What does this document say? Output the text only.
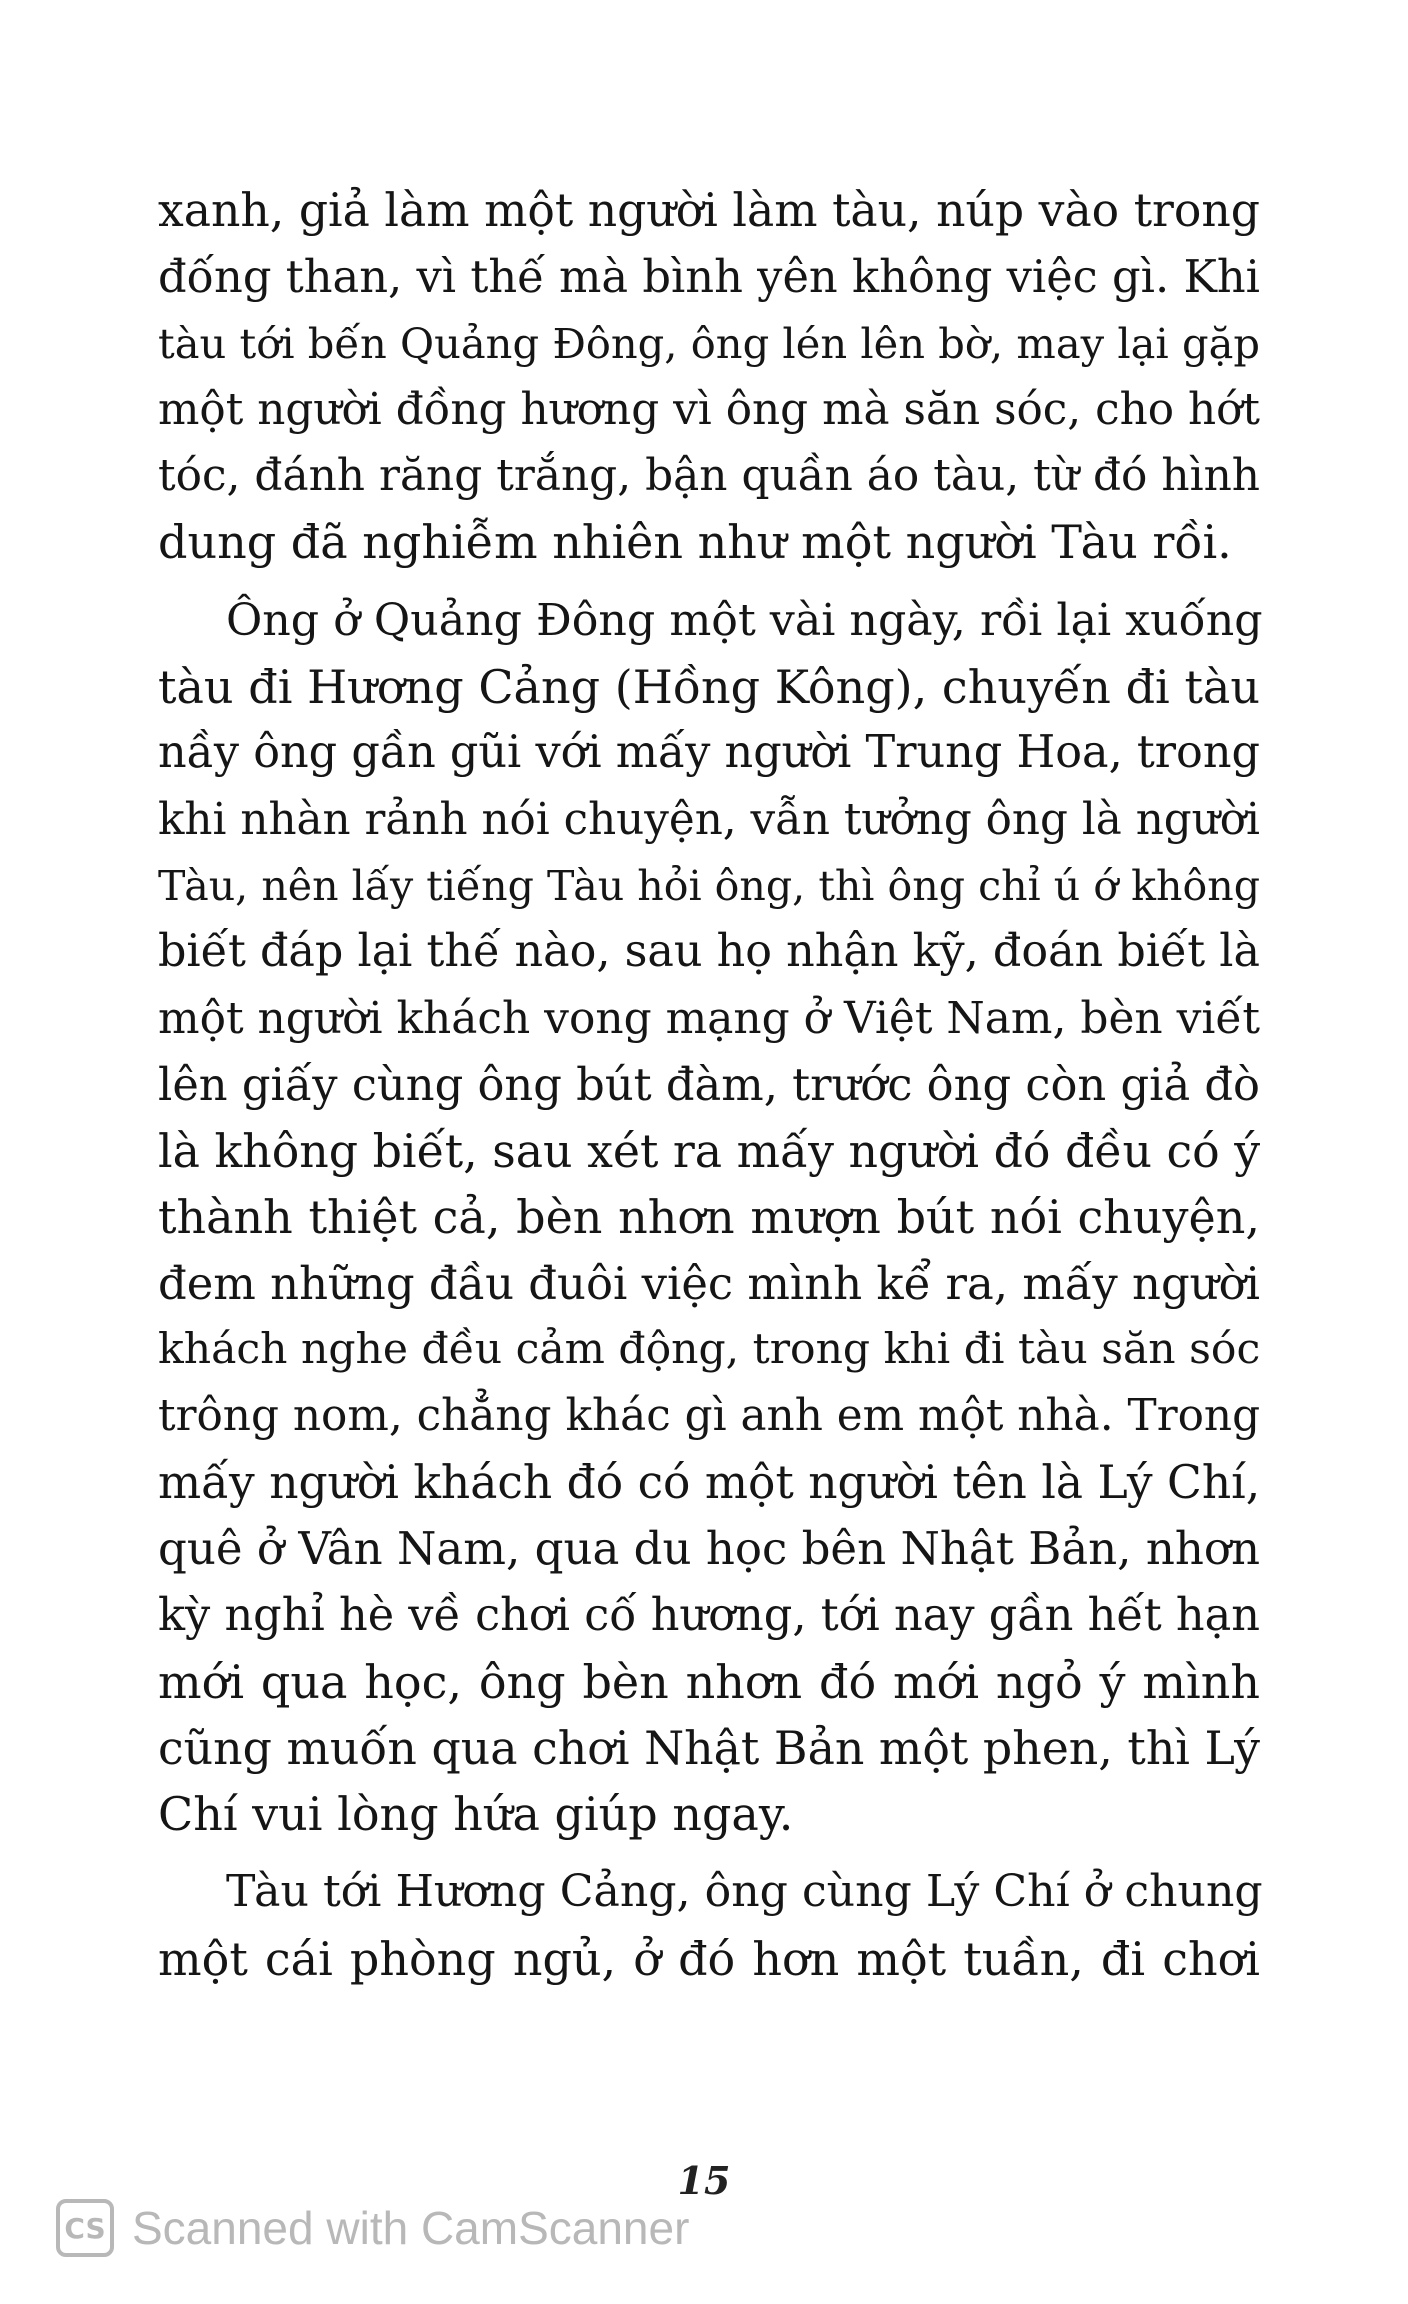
xanh, giả làm một người làm tàu, núp vào trong
đống than, vì thế mà bình yên không việc gì. Khi
tàu tới bến Quảng Đông, ông lén lên bờ, may lại gặp
một người đồng hương vì ông mà săn sóc, cho hớt
tóc, đánh răng trắng, bận quần áo tàu, từ đó hình
dung đã nghiễm nhiên như một người Tàu rồi.
Ông ở Quảng Đông một vài ngày, rồi lại xuống
tàu đi Hương Cảng (Hồng Kông), chuyến đi tàu
nầy ông gần gũi với mấy người Trung Hoa, trong
khi nhàn rảnh nói chuyện, vẫn tưởng ông là người
Tàu, nên lấy tiếng Tàu hỏi ông, thì ông chỉ ú ớ không
biết đáp lại thế nào, sau họ nhận kỹ, đoán biết là
một người khách vong mạng ở Việt Nam, bèn viết
lên giấy cùng ông bút đàm, trước ông còn giả đò
là không biết, sau xét ra mấy người đó đều có ý
thành thiệt cả, bèn nhơn mượn bút nói chuyện,
đem những đầu đuôi việc mình kể ra, mấy người
khách nghe đều cảm động, trong khi đi tàu săn sóc
trông nom, chẳng khác gì anh em một nhà. Trong
mấy người khách đó có một người tên là Lý Chí,
quê ở Vân Nam, qua du học bên Nhật Bản, nhơn
kỳ nghỉ hè về chơi cố hương, tới nay gần hết hạn
mới qua học, ông bèn nhơn đó mới ngỏ ý mình
cũng muốn qua chơi Nhật Bản một phen, thì Lý
Chí vui lòng hứa giúp ngay.
Tàu tới Hương Cảng, ông cùng Lý Chí ở chung
một cái phòng ngủ, ở đó hơn một tuần, đi chơi
15
CS Scanned with CamScanner
